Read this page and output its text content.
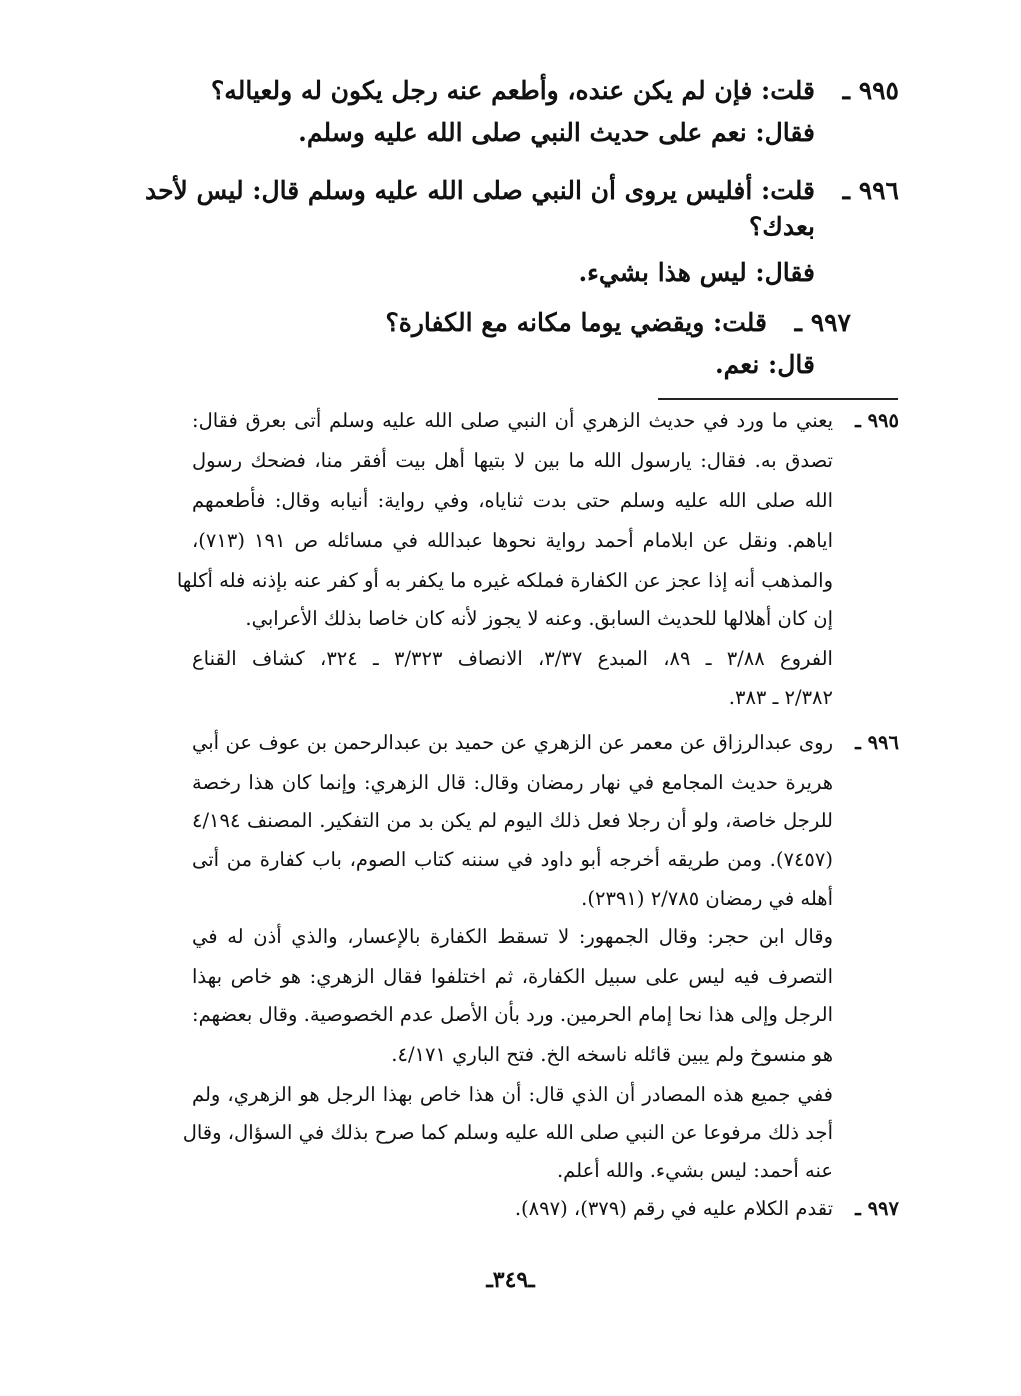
٩٩٥ ـ
قلت: فإن لم يكن عنده، وأطعم عنه رجل يكون له ولعياله؟
فقال: نعم على حديث النبي صلى الله عليه وسلم.
٩٩٦ ـ
قلت: أفليس يروى أن النبي صلى الله عليه وسلم قال: ليس لأحد
بعدك؟
فقال: ليس هذا بشيء.
٩٩٧ ـ
قلت: ويقضي يوما مكانه مع الكفارة؟
قال: نعم.
٩٩٥ ـ
يعني ما ورد في حديث الزهري أن النبي صلى الله عليه وسلم أتى بعرق فقال:
تصدق به. فقال: يارسول الله ما بين لا بتيها أهل بيت أفقر منا، فضحك رسول
الله صلى الله عليه وسلم حتى بدت ثناياه، وفي رواية: أنيابه وقال: فأطعمهم
اياهم. ونقل عن ابلامام أحمد رواية نحوها عبدالله في مسائله ص ١٩١ (٧١٣)،
والمذهب أنه إذا عجز عن الكفارة فملكه غيره ما يكفر به أو كفر عنه بإذنه فله أكلها
إن كان أهلالها للحديث السابق. وعنه لا يجوز لأنه كان خاصا بذلك الأعرابي.
الفروع ٣/٨٨ ـ ٨٩، المبدع ٣/٣٧، الانصاف ٣/٣٢٣ ـ ٣٢٤، كشاف القناع
٢/٣٨٢ ـ ٣٨٣.
٩٩٦ ـ
روى عبدالرزاق عن معمر عن الزهري عن حميد بن عبدالرحمن بن عوف عن أبي
هريرة حديث المجامع في نهار رمضان وقال: قال الزهري: وإنما كان هذا رخصة
للرجل خاصة، ولو أن رجلا فعل ذلك اليوم لم يكن بد من التفكير. المصنف ٤/١٩٤
(٧٤٥٧). ومن طريقه أخرجه أبو داود في سننه كتاب الصوم، باب كفارة من أتى
أهله في رمضان ٢/٧٨٥ (٢٣٩١).
وقال ابن حجر: وقال الجمهور: لا تسقط الكفارة بالإعسار، والذي أذن له في
التصرف فيه ليس على سبيل الكفارة، ثم اختلفوا فقال الزهري: هو خاص بهذا
الرجل وإلى هذا نحا إمام الحرمين. ورد بأن الأصل عدم الخصوصية. وقال بعضهم:
هو منسوخ ولم يبين قائله ناسخه الخ. فتح الباري ٤/١٧١.
ففي جميع هذه المصادر أن الذي قال: أن هذا خاص بهذا الرجل هو الزهري، ولم
أجد ذلك مرفوعا عن النبي صلى الله عليه وسلم كما صرح بذلك في السؤال، وقال
عنه أحمد: ليس بشيء. والله أعلم.
٩٩٧ ـ
تقدم الكلام عليه في رقم (٣٧٩)، (٨٩٧).
ـ٣٤٩ـ
